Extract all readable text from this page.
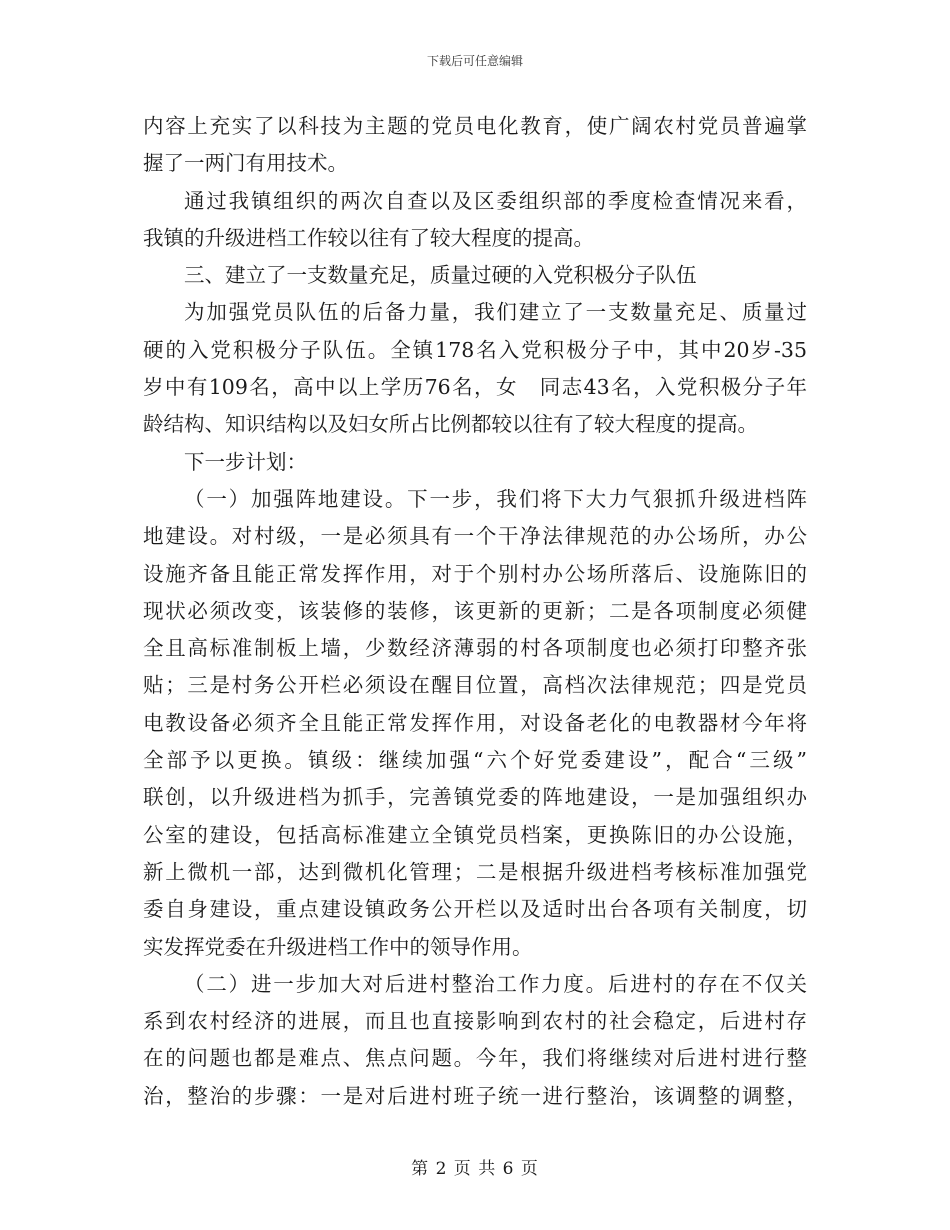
下载后可任意编辑
内容上充实了以科技为主题的党员电化教育，使广阔农村党员普遍掌
握了一两门有用技术。
通过我镇组织的两次自查以及区委组织部的季度检查情况来看，
我镇的升级进档工作较以往有了较大程度的提高。
三、建立了一支数量充足，质量过硬的入党积极分子队伍
为加强党员队伍的后备力量，我们建立了一支数量充足、质量过
硬的入党积极分子队伍。全镇178名入党积极分子中，其中20岁-35
岁中有109名，高中以上学历76名，女　同志43名，入党积极分子年
龄结构、知识结构以及妇女所占比例都较以往有了较大程度的提高。
下一步计划：
（一）加强阵地建设。下一步，我们将下大力气狠抓升级进档阵
地建设。对村级，一是必须具有一个干净法律规范的办公场所，办公
设施齐备且能正常发挥作用，对于个别村办公场所落后、设施陈旧的
现状必须改变，该装修的装修，该更新的更新；二是各项制度必须健
全且高标准制板上墙，少数经济薄弱的村各项制度也必须打印整齐张
贴；三是村务公开栏必须设在醒目位置，高档次法律规范；四是党员
电教设备必须齐全且能正常发挥作用，对设备老化的电教器材今年将
全部予以更换。镇级：继续加强“六个好党委建设”，配合“三级”
联创，以升级进档为抓手，完善镇党委的阵地建设，一是加强组织办
公室的建设，包括高标准建立全镇党员档案，更换陈旧的办公设施，
新上微机一部，达到微机化管理；二是根据升级进档考核标准加强党
委自身建设，重点建设镇政务公开栏以及适时出台各项有关制度，切
实发挥党委在升级进档工作中的领导作用。
（二）进一步加大对后进村整治工作力度。后进村的存在不仅关
系到农村经济的进展，而且也直接影响到农村的社会稳定，后进村存
在的问题也都是难点、焦点问题。今年，我们将继续对后进村进行整
治，整治的步骤：一是对后进村班子统一进行整治，该调整的调整，
第 2 页 共 6 页
